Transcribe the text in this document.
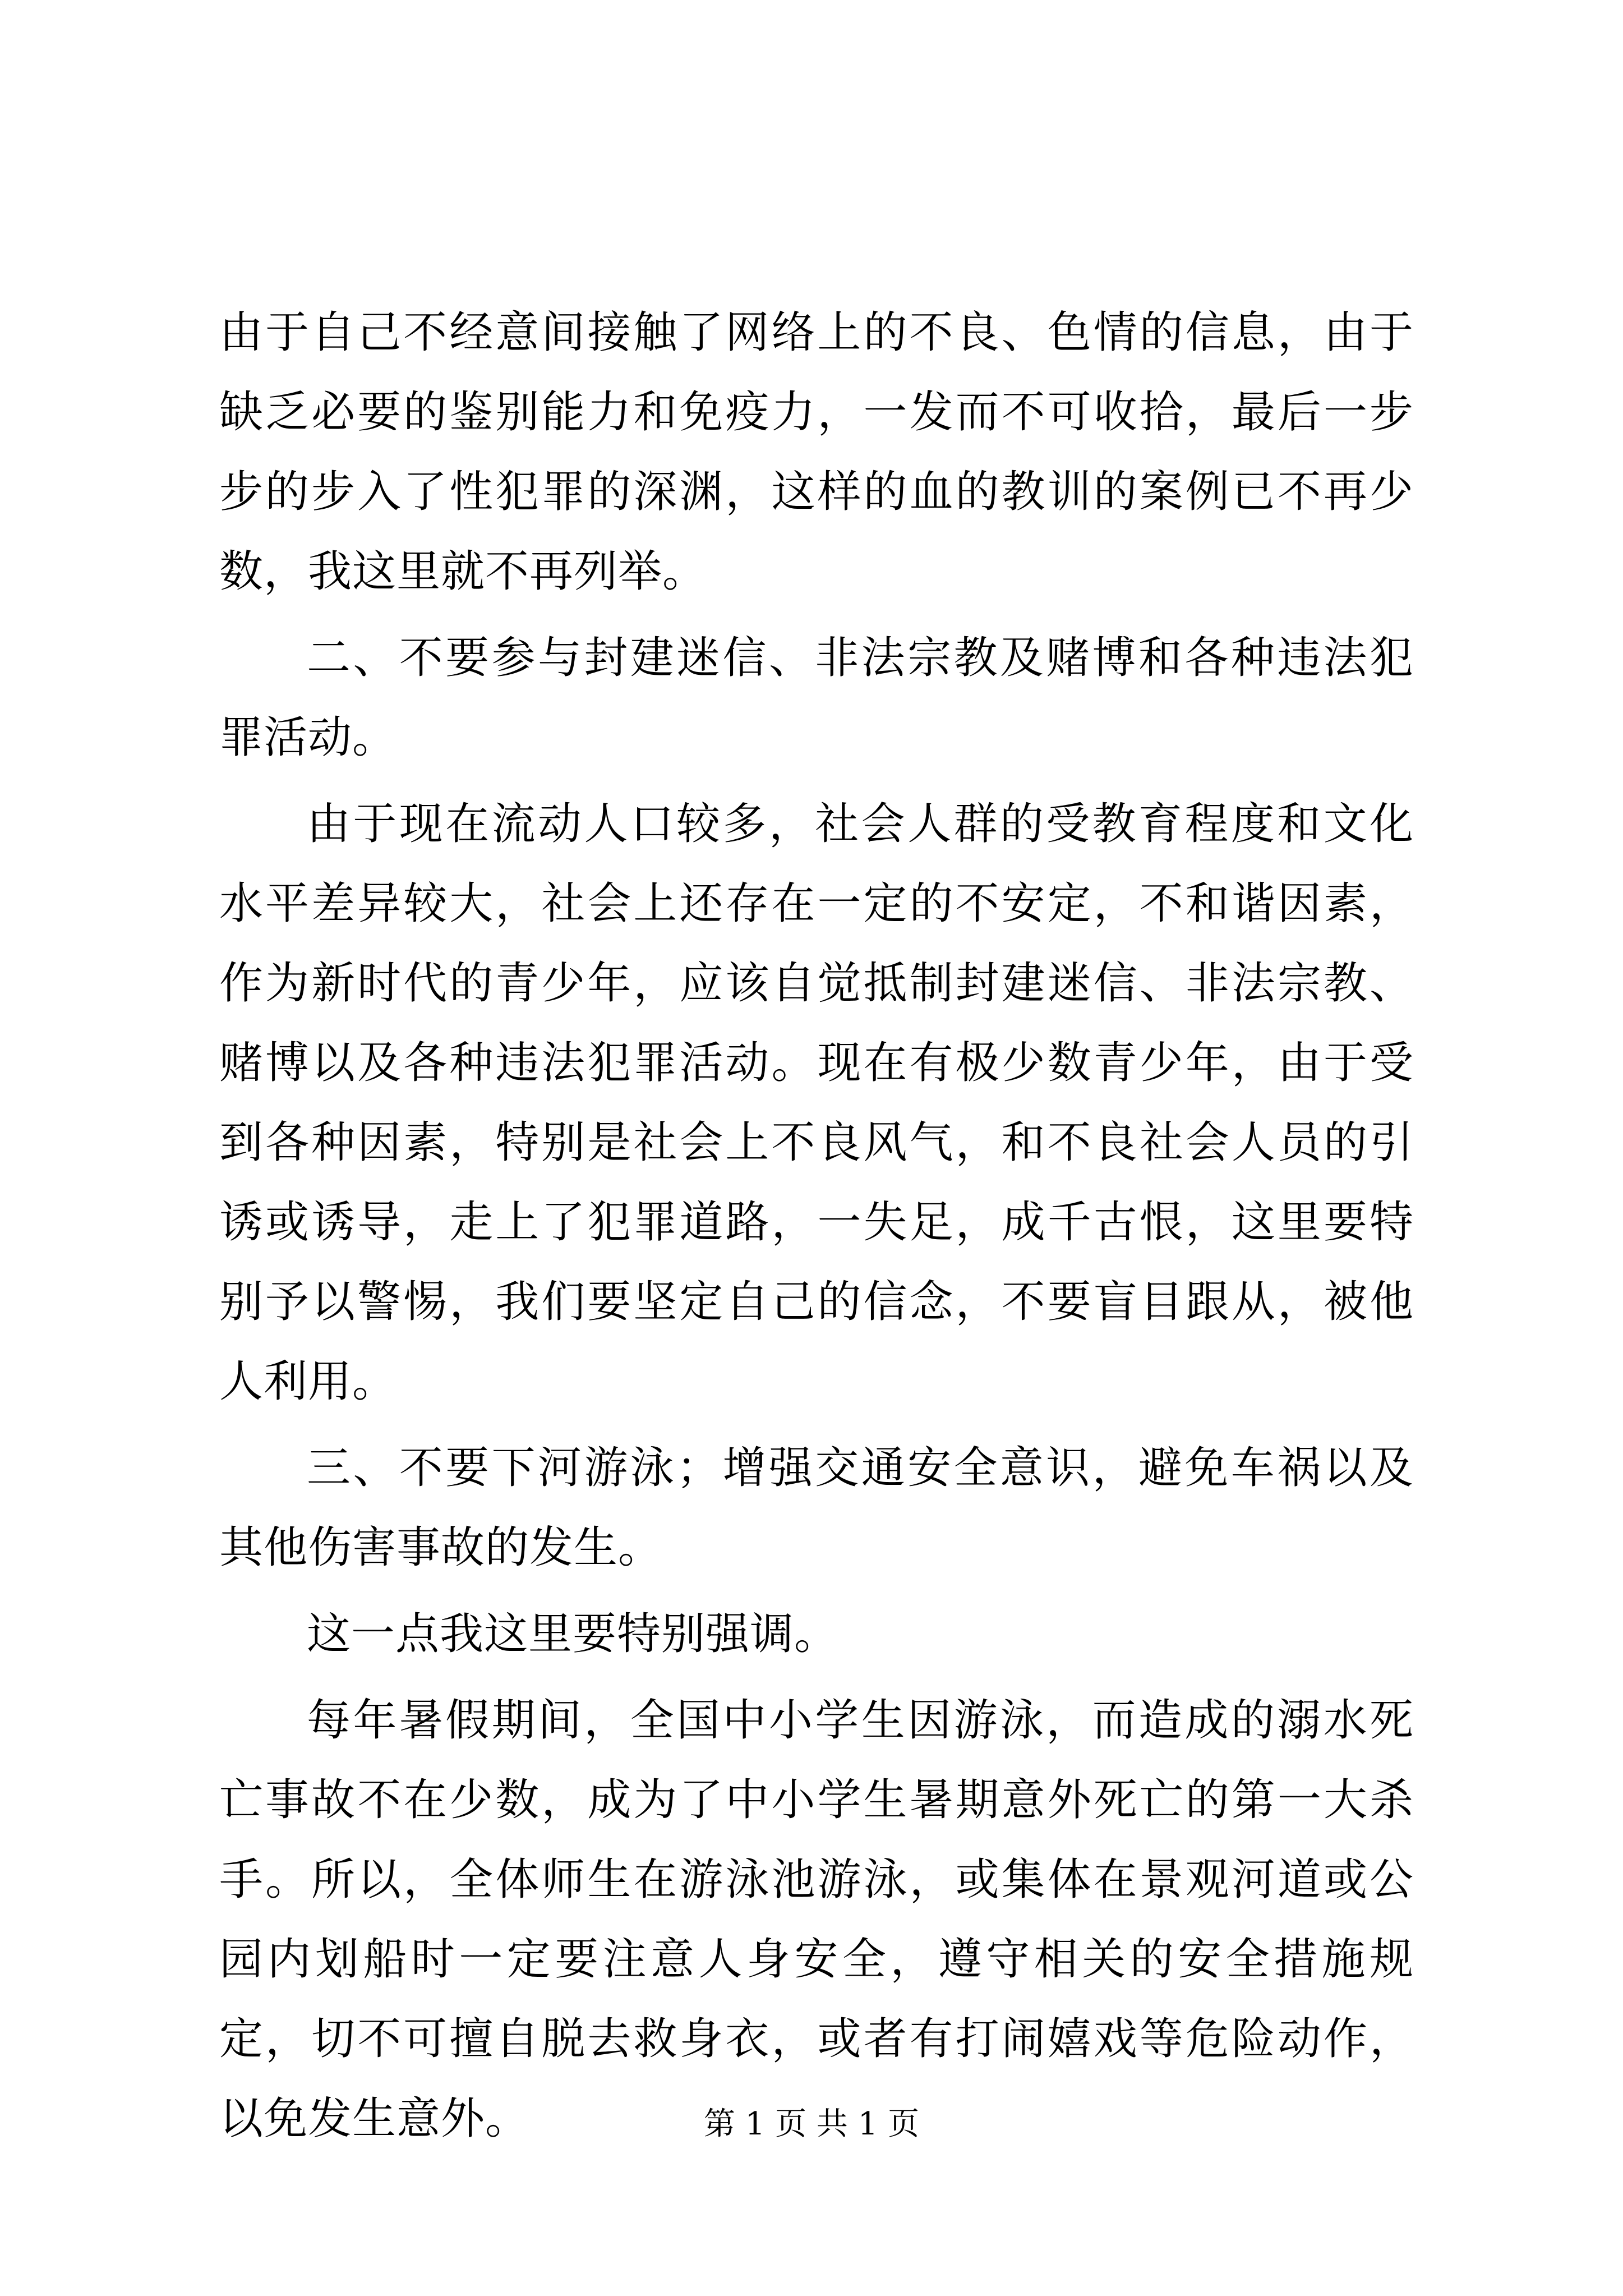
由于自己不经意间接触了网络上的不良、色情的信息，由于缺乏必要的鉴别能力和免疫力，一发而不可收拾，最后一步步的步入了性犯罪的深渊，这样的血的教训的案例已不再少数，我这里就不再列举。

二、不要参与封建迷信、非法宗教及赌博和各种违法犯罪活动。

由于现在流动人口较多，社会人群的受教育程度和文化水平差异较大，社会上还存在一定的不安定，不和谐因素，作为新时代的青少年，应该自觉抵制封建迷信、非法宗教、赌博以及各种违法犯罪活动。现在有极少数青少年，由于受到各种因素，特别是社会上不良风气，和不良社会人员的引诱或诱导，走上了犯罪道路，一失足，成千古恨，这里要特别予以警惕，我们要坚定自己的信念，不要盲目跟从，被他人利用。

三、不要下河游泳；增强交通安全意识，避免车祸以及其他伤害事故的发生。

这一点我这里要特别强调。

每年暑假期间，全国中小学生因游泳，而造成的溺水死亡事故不在少数，成为了中小学生暑期意外死亡的第一大杀手。所以，全体师生在游泳池游泳，或集体在景观河道或公园内划船时一定要注意人身安全，遵守相关的安全措施规定，切不可擅自脱去救身衣，或者有打闹嬉戏等危险动作，以免发生意外。	第 1 页 共 1 页
